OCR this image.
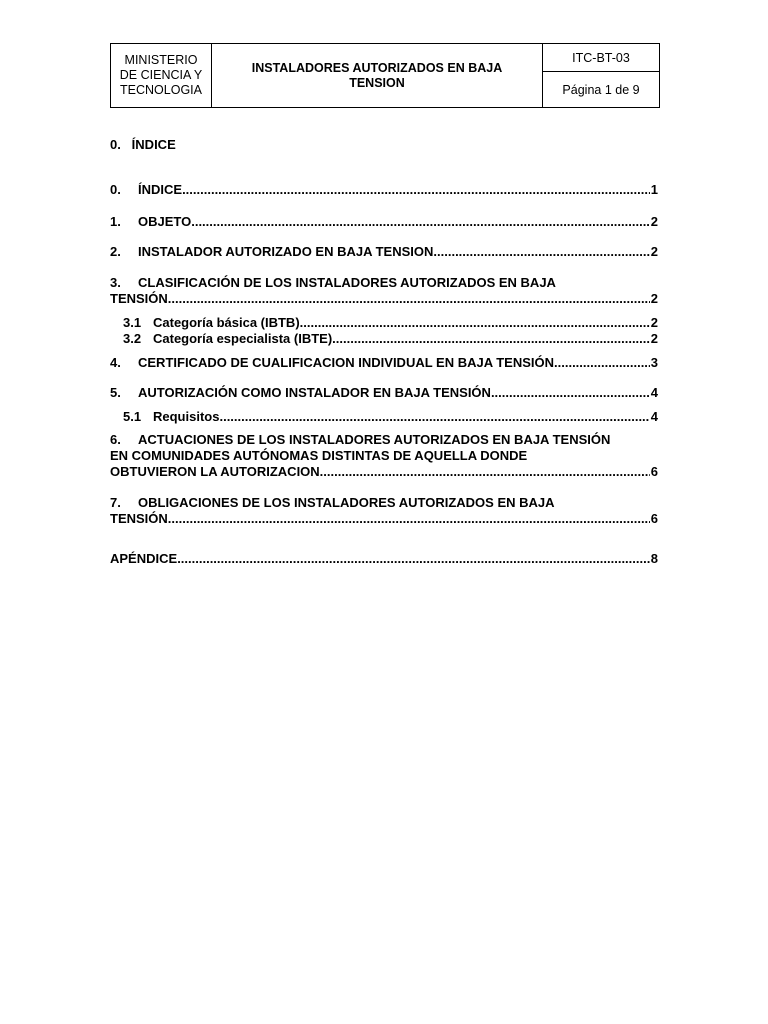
MINISTERIO
DE CIENCIA Y
TECNOLOGIA
INSTALADORES AUTORIZADOS EN BAJA
TENSION
ITC-BT-03
Página 1 de 9
0.   ÍNDICE
0.	ÍNDICE .....	1
1.	OBJETO .....	2
2.	INSTALADOR AUTORIZADO EN BAJA TENSION. .....	2
3.	CLASIFICACIÓN DE LOS INSTALADORES AUTORIZADOS EN BAJA
TENSIÓN. .....	2
3.1 Categoría básica (IBTB) .....	2
3.2 Categoría especialista (IBTE). .....	2
4.	CERTIFICADO DE CUALIFICACION INDIVIDUAL EN BAJA TENSIÓN. .....	3
5.	AUTORIZACIÓN COMO INSTALADOR EN BAJA TENSIÓN .....	4
5.1 Requisitos .....	4
6.	ACTUACIONES DE LOS INSTALADORES AUTORIZADOS EN BAJA TENSIÓN
EN COMUNIDADES AUTÓNOMAS DISTINTAS DE AQUELLA DONDE
OBTUVIERON LA AUTORIZACION. .....	6
7.	OBLIGACIONES DE LOS INSTALADORES AUTORIZADOS EN BAJA
TENSIÓN. .....	6
APÉNDICE .....	8
